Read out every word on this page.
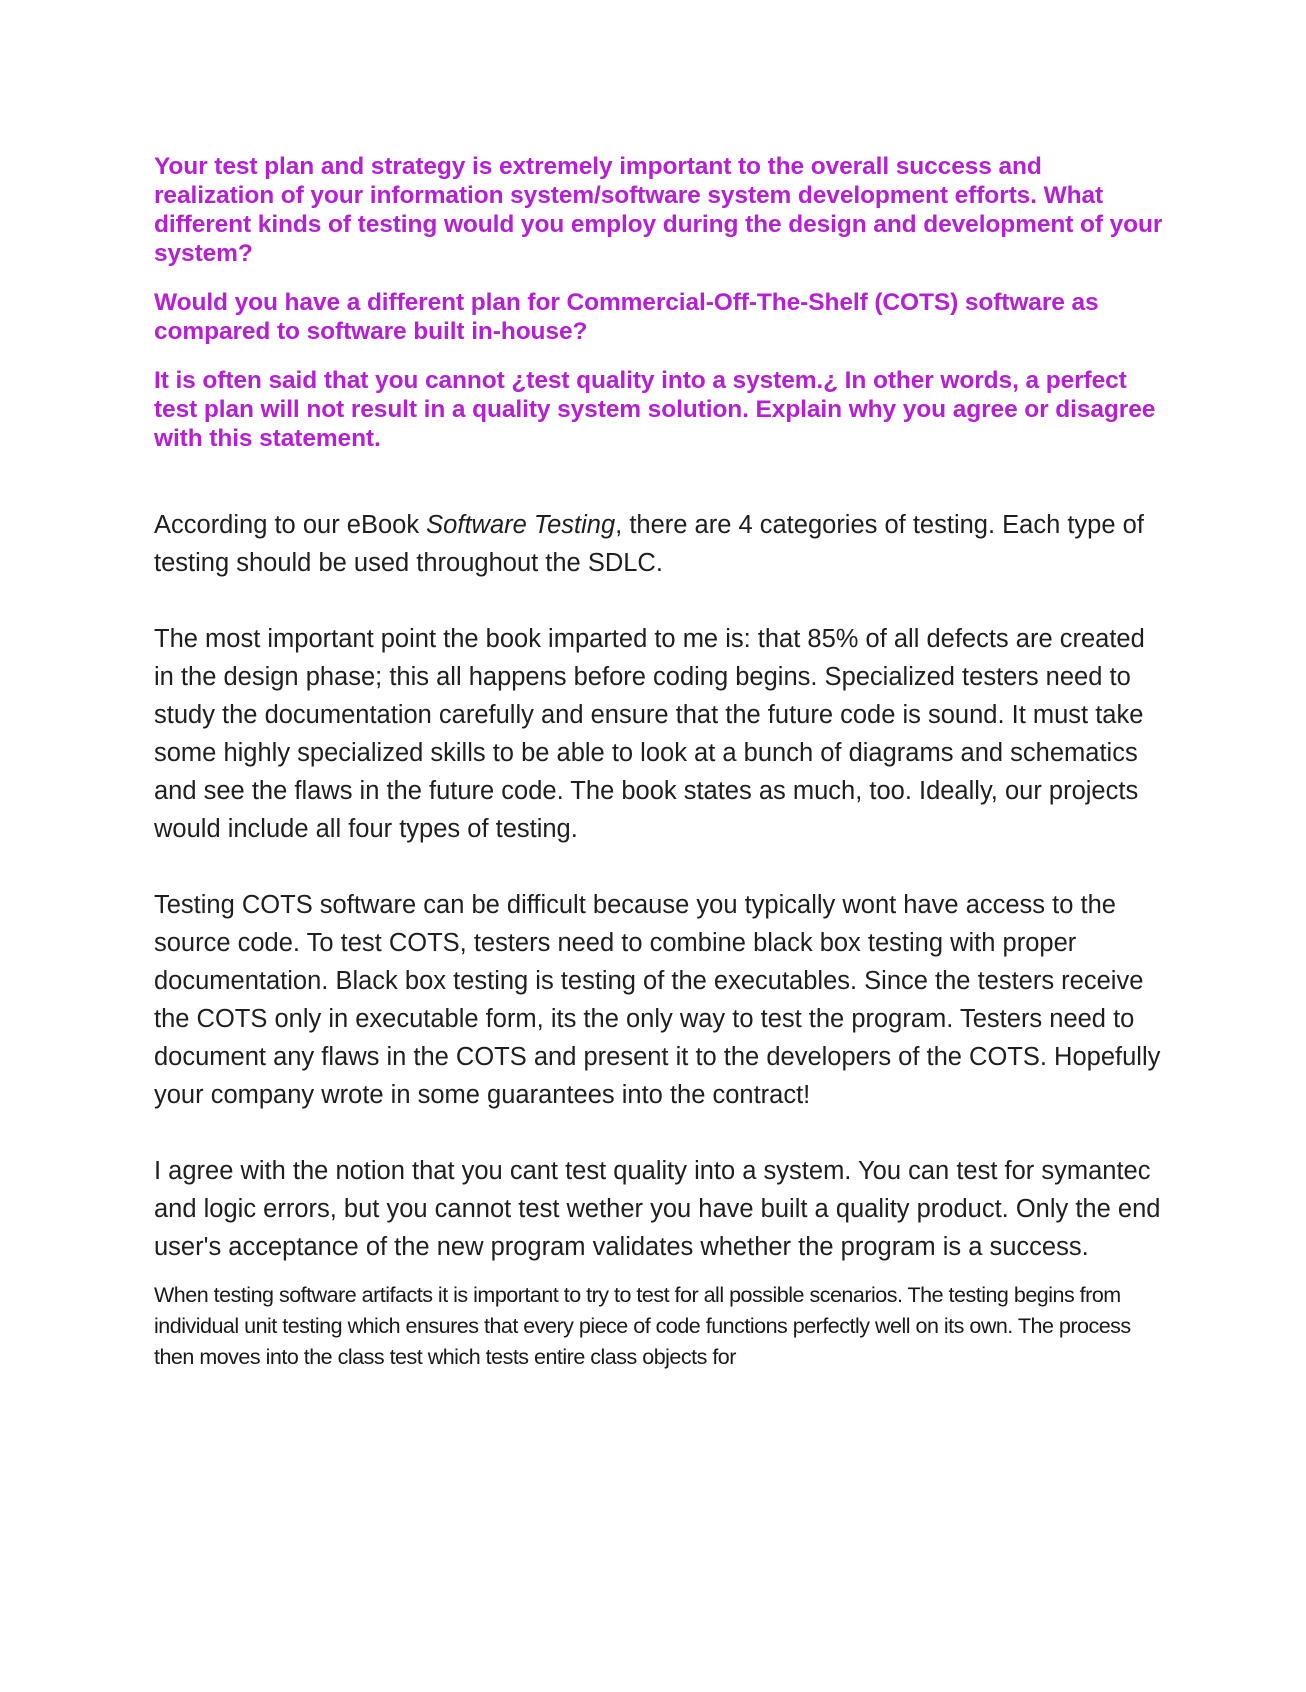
Your test plan and strategy is extremely important to the overall success and realization of your information system/software system development efforts. What different kinds of testing would you employ during the design and development of your system?

Would you have a different plan for Commercial-Off-The-Shelf (COTS) software as compared to software built in-house?

It is often said that you cannot ¿test quality into a system.¿ In other words, a perfect test plan will not result in a quality system solution. Explain why you agree or disagree with this statement.

According to our eBook Software Testing, there are 4 categories of testing. Each type of testing should be used throughout the SDLC.

The most important point the book imparted to me is: that 85% of all defects are created in the design phase; this all happens before coding begins. Specialized testers need to study the documentation carefully and ensure that the future code is sound. It must take some highly specialized skills to be able to look at a bunch of diagrams and schematics and see the flaws in the future code. The book states as much, too. Ideally, our projects would include all four types of testing.

Testing COTS software can be difficult because you typically wont have access to the source code. To test COTS, testers need to combine black box testing with proper documentation. Black box testing is testing of the executables. Since the testers receive the COTS only in executable form, its the only way to test the program. Testers need to document any flaws in the COTS and present it to the developers of the COTS. Hopefully your company wrote in some guarantees into the contract!

I agree with the notion that you cant test quality into a system. You can test for symantec and logic errors, but you cannot test wether you have built a quality product. Only the end user's acceptance of the new program validates whether the program is a success.

When testing software artifacts it is important to try to test for all possible scenarios. The testing begins from individual unit testing which ensures that every piece of code functions perfectly well on its own. The process then moves into the class test which tests entire class objects for
